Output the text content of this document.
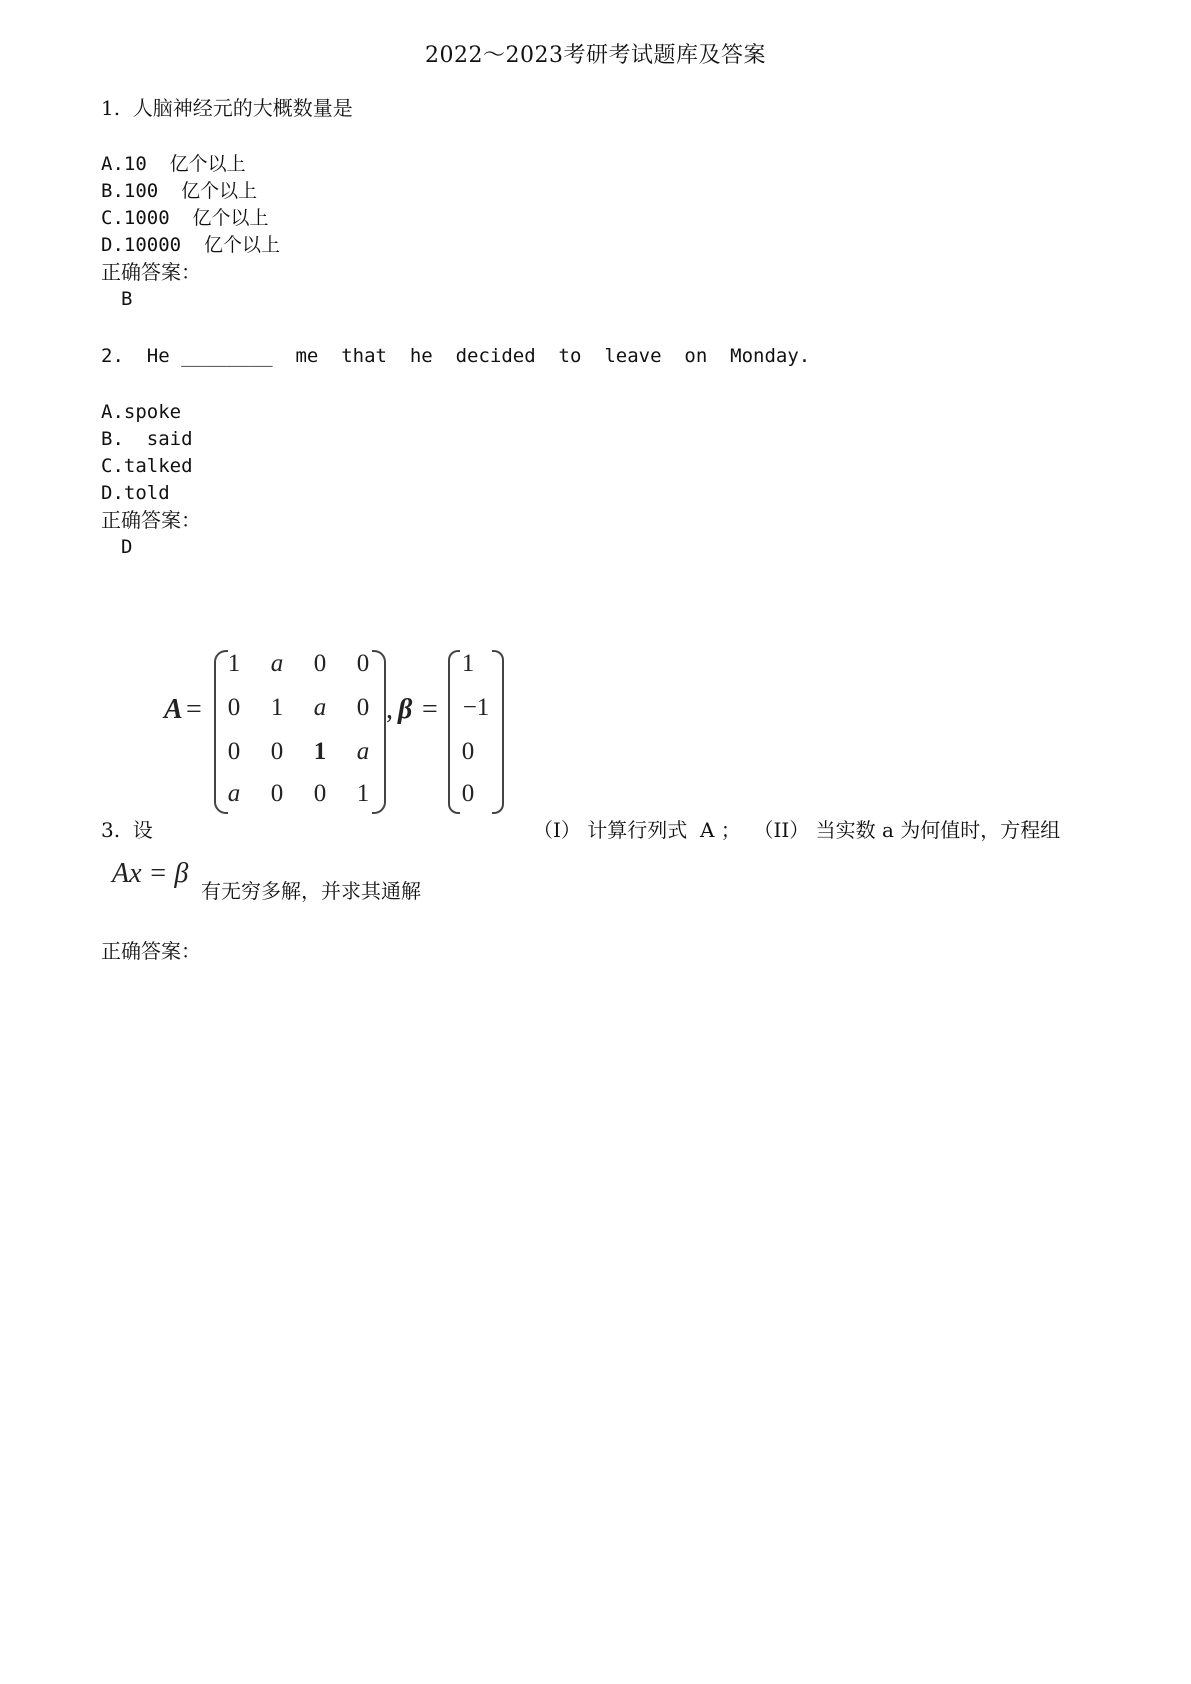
2022～2023考研考试题库及答案
1.  人脑神经元的大概数量是
A.10  亿个以上
B.100  亿个以上
C.1000  亿个以上
D.10000  亿个以上
正确答案：
B
2.  He ________  me  that  he  decided  to  leave  on  Monday.
A.spoke
B.  said
C.talked
D.told
正确答案：
D
A =
1	a	0	0
0	1	a	0
0	0	1	a
a	0	0	1
, β =
1
−1
0
0
3.  设	（I） 计算行列式  A ；  （II） 当实数 a 为何值时，方程组
Ax = β
有无穷多解，并求其通解
正确答案：
